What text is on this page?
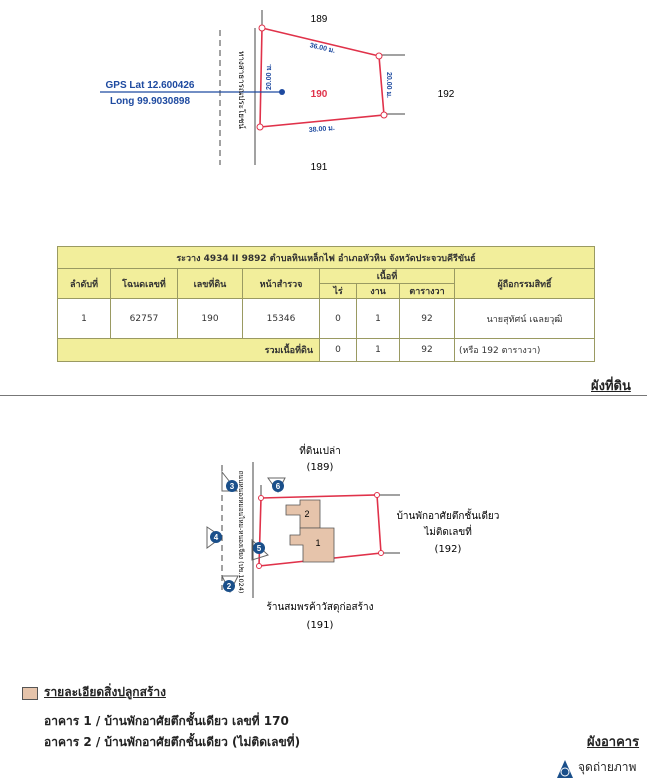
189
191
192
190
GPS Lat 12.600426
Long 99.9030898
36.00 ม.
38.00 ม.
20.00 ม.	20.00 ม.
ทางสาธารณประโยชน์
ระวาง 4934 II 9892 ตำบลหินเหล็กไฟ อำเภอหัวหิน จังหวัดประจวบคีรีขันธ์							
ลำดับที่	โฉนดเลขที่	เลขที่ดิน	หน้าสำรวจ	เนื้อที่			ผู้ถือกรรมสิทธิ์
				ไร่	งาน	ตารางวา	
1	62757	190	15346	0	1	92	นายสุทัศน์ เฉลยวุฒิ
รวมเนื้อที่ดิน				0	1	92	(หรือ 192 ตารางวา)
ผังที่ดิน
2
1
3	6
4
5
2
ที่ดินเปล่า
(189)
บ้านพักอาศัยตึกชั้นเดียว
ไม่ติดเลขที่
(192)
ร้านสมพรค้าวัสดุก่อสร้าง
(191)
ถนนหนองหมอนไหม-หนองเจียง (ปข.1024)
รายละเอียดสิ่งปลูกสร้าง
อาคาร 1 / บ้านพักอาศัยตึกชั้นเดียว เลขที่ 170
อาคาร 2 / บ้านพักอาศัยตึกชั้นเดียว (ไม่ติดเลขที่)	ผังอาคาร
จุดถ่ายภาพ
